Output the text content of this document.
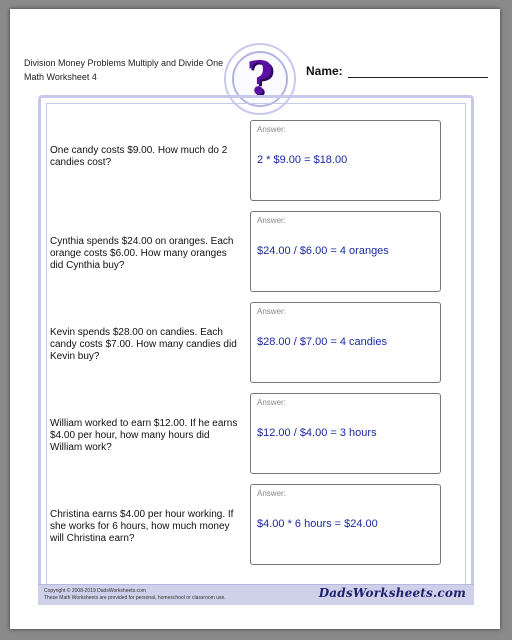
Division Money Problems Multiply and Divide One
Math Worksheet 4	?	Name:
One candy costs $9.00. How much do 2 candies cost?
Answer:
2 * $9.00 = $18.00
Cynthia spends $24.00 on oranges. Each orange costs $6.00. How many oranges did Cynthia buy?
Answer:
$24.00 / $6.00 = 4 oranges
Kevin spends $28.00 on candies. Each candy costs $7.00. How many candies did Kevin buy?
Answer:
$28.00 / $7.00 = 4 candies
William worked to earn $12.00. If he earns $4.00 per hour, how many hours did William work?
Answer:
$12.00 / $4.00 = 3 hours
Christina earns $4.00 per hour working. If she works for 6 hours, how much money will Christina earn?
Answer:
$4.00 * 6 hours = $24.00
Copyright © 2008-2019 DadsWorksheets.com
These Math Worksheets are provided for personal, homeschool or classroom use.	DadsWorksheets.com
